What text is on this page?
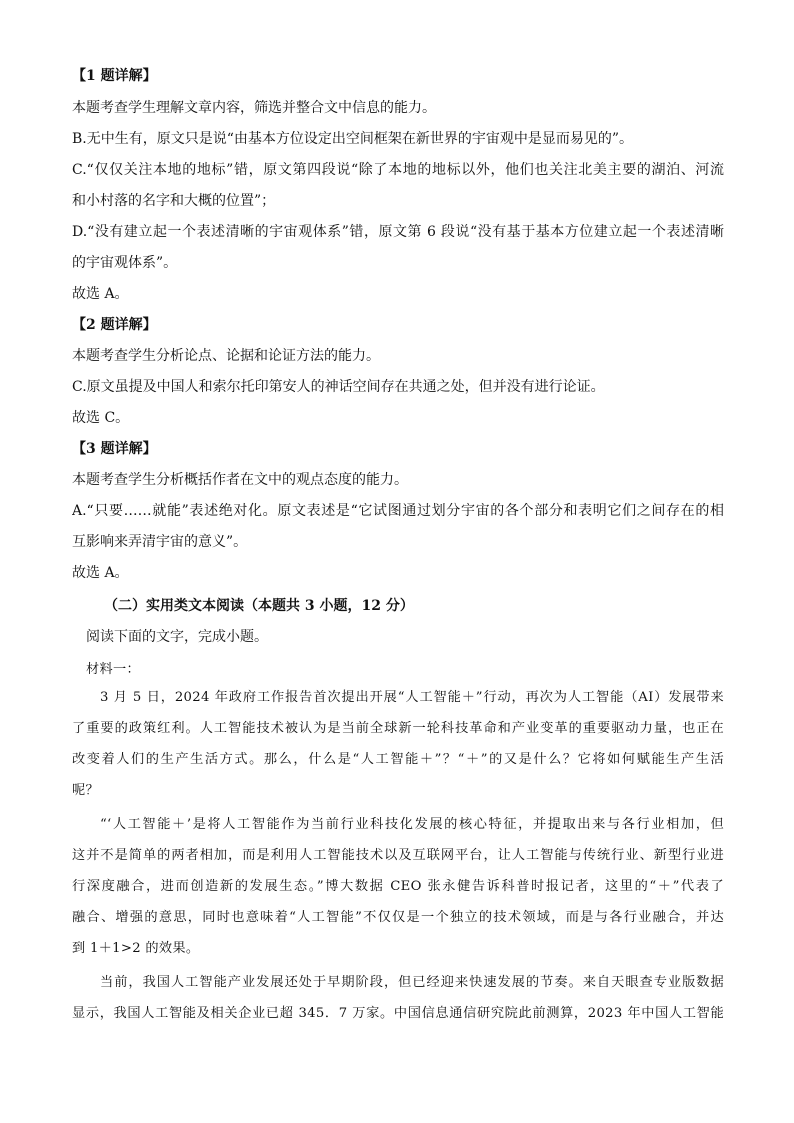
【1 题详解】
本题考查学生理解文章内容，筛选并整合文中信息的能力。
B.无中生有，原文只是说“由基本方位设定出空间框架在新世界的宇宙观中是显而易见的”。
C.“仅仅关注本地的地标”错，原文第四段说“除了本地的地标以外，他们也关注北美主要的湖泊、河流
和小村落的名字和大概的位置”；
D.“没有建立起一个表述清晰的宇宙观体系”错，原文第 6 段说“没有基于基本方位建立起一个表述清晰
的宇宙观体系”。
故选 A。
【2 题详解】
本题考查学生分析论点、论据和论证方法的能力。
C.原文虽提及中国人和索尔托印第安人的神话空间存在共通之处，但并没有进行论证。
故选 C。
【3 题详解】
本题考查学生分析概括作者在文中的观点态度的能力。
A.“只要……就能”表述绝对化。原文表述是“它试图通过划分宇宙的各个部分和表明它们之间存在的相
互影响来弄清宇宙的意义”。
故选 A。
（二）实用类文本阅读（本题共 3 小题，12 分）
阅读下面的文字，完成小题。
材料一：
3 月 5 日，2024 年政府工作报告首次提出开展“人工智能＋”行动，再次为人工智能（AI）发展带来
了重要的政策红利。人工智能技术被认为是当前全球新一轮科技革命和产业变革的重要驱动力量，也正在
改变着人们的生产生活方式。那么，什么是“人工智能＋”？“＋”的又是什么？它将如何赋能生产生活
呢？
“‘人工智能＋’是将人工智能作为当前行业科技化发展的核心特征，并提取出来与各行业相加，但
这并不是简单的两者相加，而是利用人工智能技术以及互联网平台，让人工智能与传统行业、新型行业进
行深度融合，进而创造新的发展生态。”博大数据 CEO 张永健告诉科普时报记者，这里的“＋”代表了
融合、增强的意思，同时也意味着“人工智能”不仅仅是一个独立的技术领域，而是与各行业融合，并达
到 1＋1>2 的效果。
当前，我国人工智能产业发展还处于早期阶段，但已经迎来快速发展的节奏。来自天眼查专业版数据
显示，我国人工智能及相关企业已超 345．7 万家。中国信息通信研究院此前测算，2023 年中国人工智能
